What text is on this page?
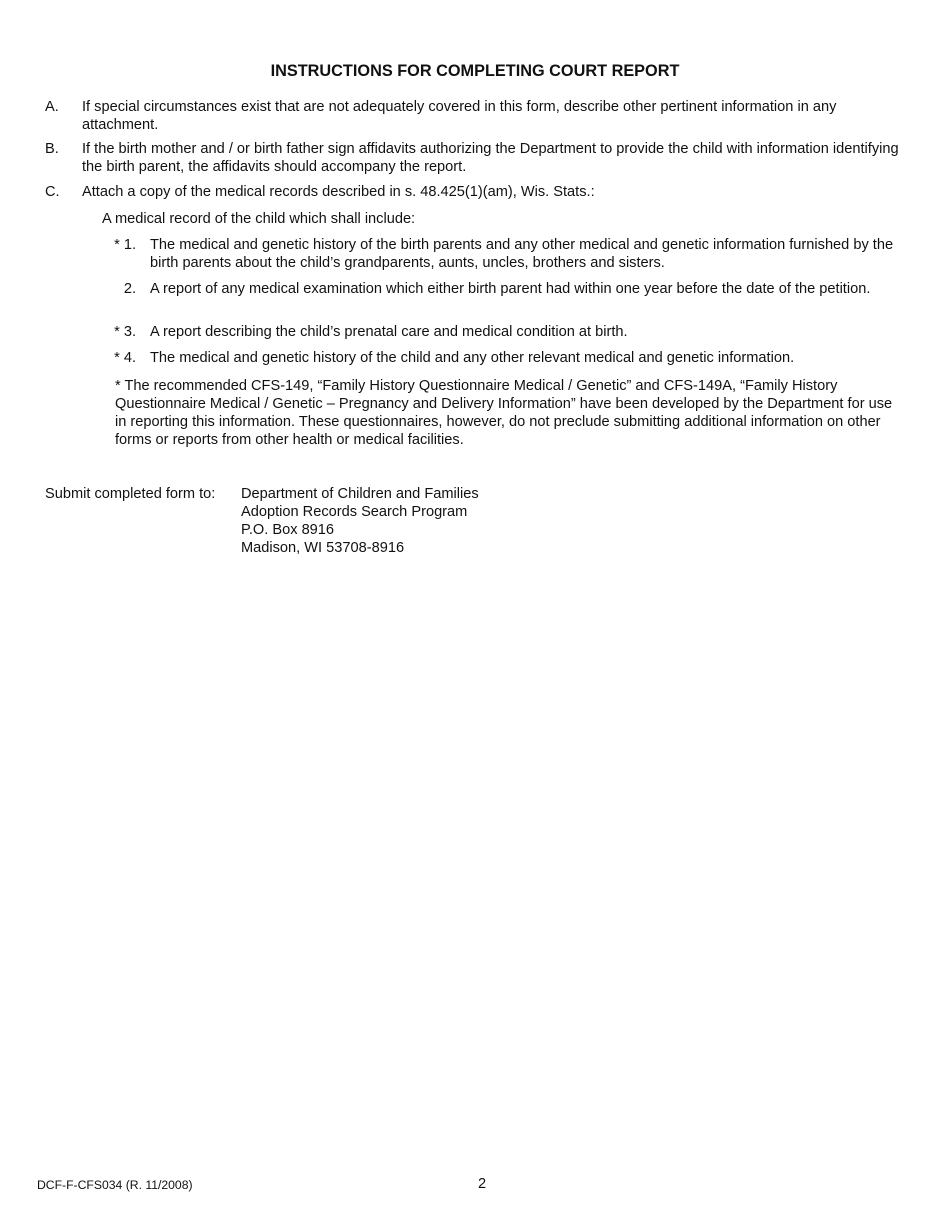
INSTRUCTIONS FOR COMPLETING COURT REPORT
A. If special circumstances exist that are not adequately covered in this form, describe other pertinent information in any attachment.
B. If the birth mother and / or birth father sign affidavits authorizing the Department to provide the child with information identifying the birth parent, the affidavits should accompany the report.
C. Attach a copy of the medical records described in s. 48.425(1)(am), Wis. Stats.:
A medical record of the child which shall include:
* 1. The medical and genetic history of the birth parents and any other medical and genetic information furnished by the birth parents about the child’s grandparents, aunts, uncles, brothers and sisters.
2. A report of any medical examination which either birth parent had within one year before the date of the petition.
* 3. A report describing the child’s prenatal care and medical condition at birth.
* 4. The medical and genetic history of the child and any other relevant medical and genetic information.
* The recommended CFS-149, “Family History Questionnaire Medical / Genetic” and CFS-149A, “Family History Questionnaire Medical / Genetic – Pregnancy and Delivery Information” have been developed by the Department for use in reporting this information. These questionnaires, however, do not preclude submitting additional information on other forms or reports from other health or medical facilities.
Submit completed form to: Department of Children and Families
Adoption Records Search Program
P.O. Box 8916
Madison, WI 53708-8916
DCF-F-CFS034 (R. 11/2008)	2
